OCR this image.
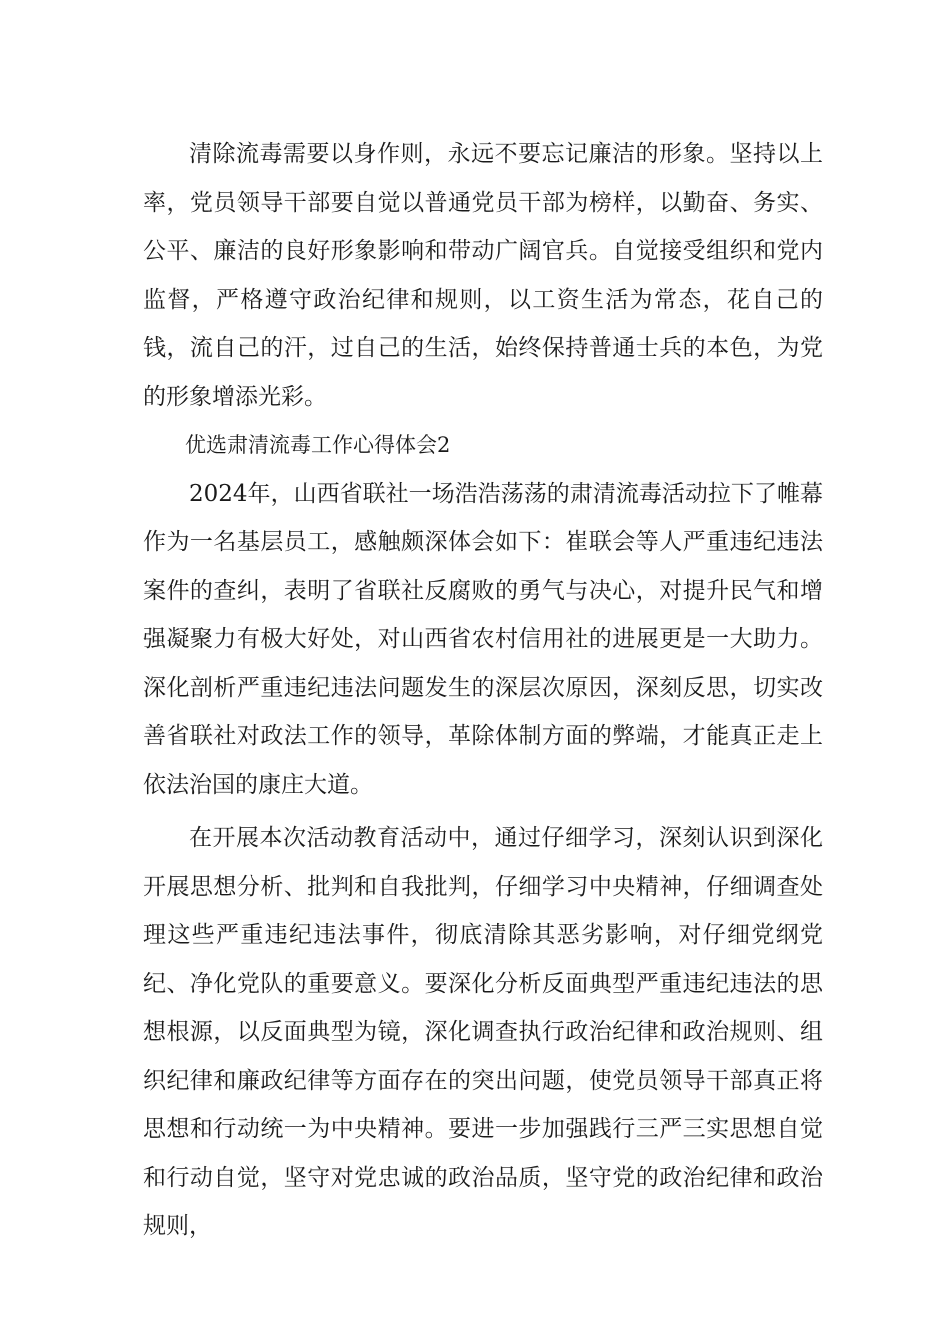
清除流毒需要以身作则，永远不要忘记廉洁的形象。坚持以上率，党员领导干部要自觉以普通党员干部为榜样，以勤奋、务实、公平、廉洁的良好形象影响和带动广阔官兵。自觉接受组织和党内监督，严格遵守政治纪律和规则，以工资生活为常态，花自己的钱，流自己的汗，过自己的生活，始终保持普通士兵的本色，为党的形象增添光彩。

优选肃清流毒工作心得体会2

2024年，山西省联社一场浩浩荡荡的肃清流毒活动拉下了帷幕作为一名基层员工，感触颇深体会如下：崔联会等人严重违纪违法案件的查纠，表明了省联社反腐败的勇气与决心，对提升民气和增强凝聚力有极大好处，对山西省农村信用社的进展更是一大助力。深化剖析严重违纪违法问题发生的深层次原因，深刻反思，切实改善省联社对政法工作的领导，革除体制方面的弊端，才能真正走上依法治国的康庄大道。

在开展本次活动教育活动中，通过仔细学习，深刻认识到深化开展思想分析、批判和自我批判，仔细学习中央精神，仔细调查处理这些严重违纪违法事件，彻底清除其恶劣影响，对仔细党纲党纪、净化党队的重要意义。要深化分析反面典型严重违纪违法的思想根源，以反面典型为镜，深化调查执行政治纪律和政治规则、组织纪律和廉政纪律等方面存在的突出问题，使党员领导干部真正将思想和行动统一为中央精神。要进一步加强践行三严三实思想自觉和行动自觉，坚守对党忠诚的政治品质，坚守党的政治纪律和政治规则，
